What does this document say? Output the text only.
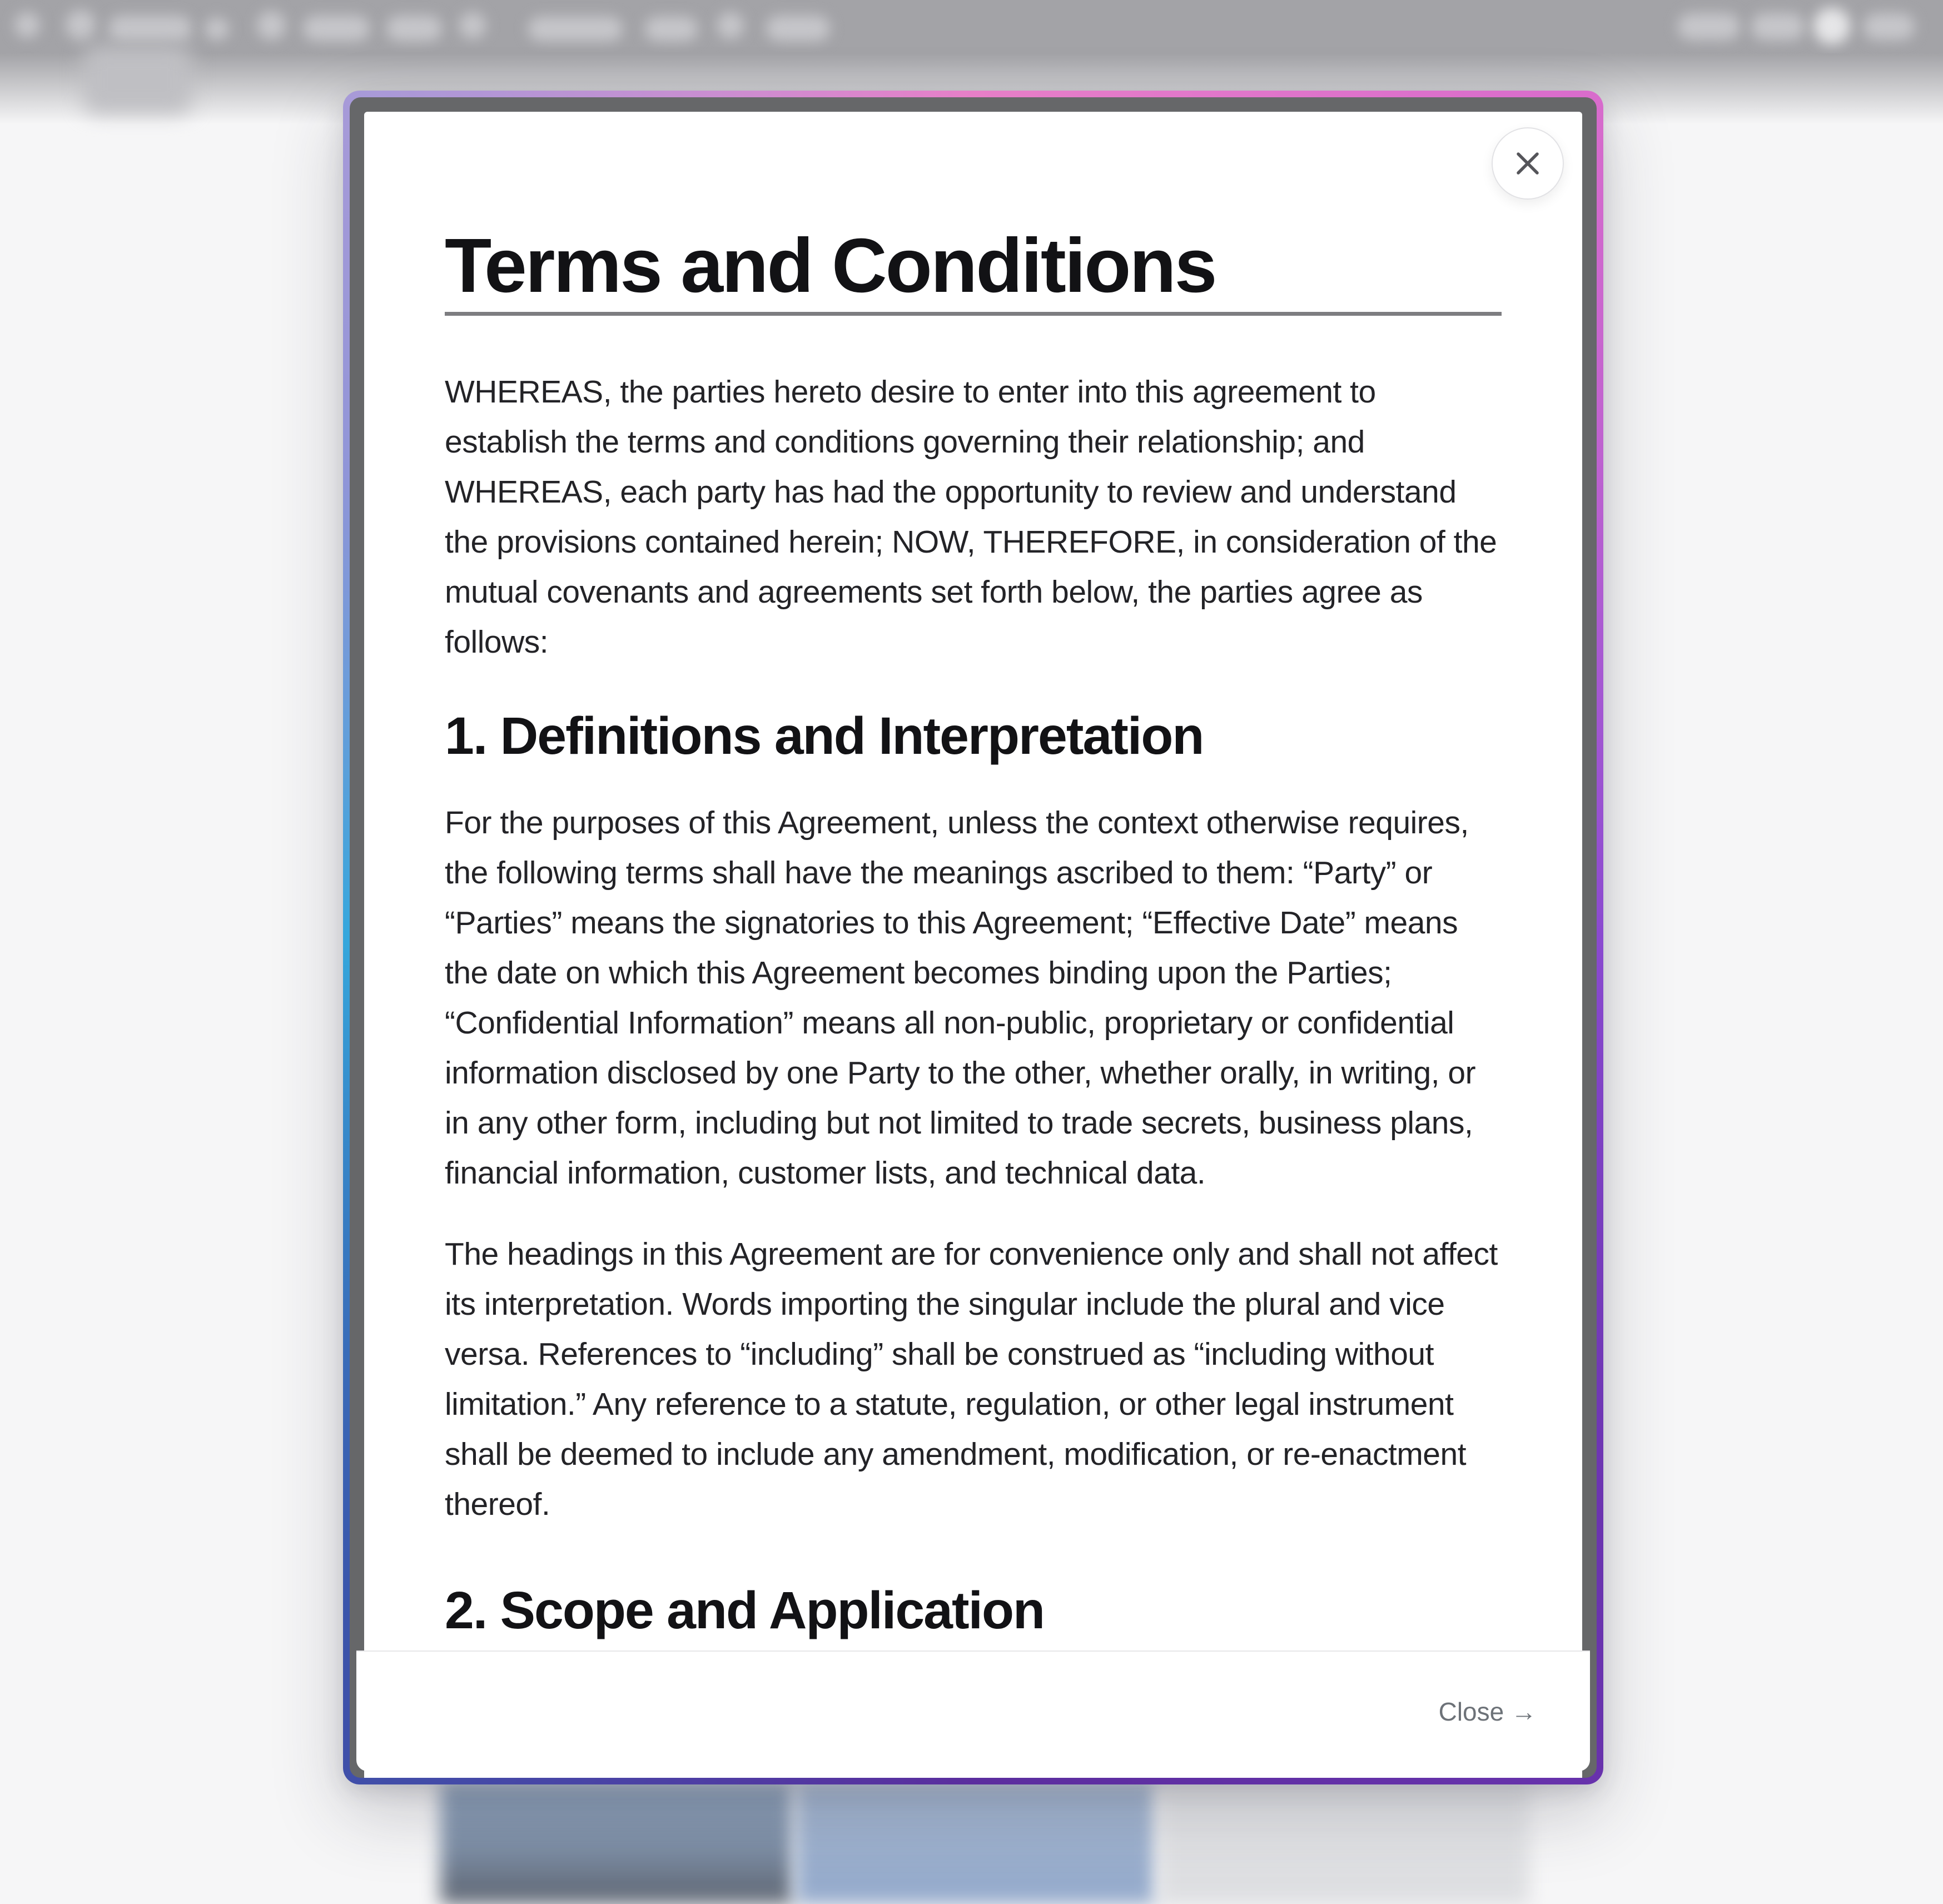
Terms and Conditions

WHEREAS, the parties hereto desire to enter into this agreement to establish the terms and conditions governing their relationship; and WHEREAS, each party has had the opportunity to review and understand the provisions contained herein; NOW, THEREFORE, in consideration of the mutual covenants and agreements set forth below, the parties agree as follows:

1. Definitions and Interpretation

For the purposes of this Agreement, unless the context otherwise requires, the following terms shall have the meanings ascribed to them: “Party” or “Parties” means the signatories to this Agreement; “Effective Date” means the date on which this Agreement becomes binding upon the Parties; “Confidential Information” means all non-public, proprietary or confidential information disclosed by one Party to the other, whether orally, in writing, or in any other form, including but not limited to trade secrets, business plans, financial information, customer lists, and technical data.

The headings in this Agreement are for convenience only and shall not affect its interpretation. Words importing the singular include the plural and vice versa. References to “including” shall be construed as “including without limitation.” Any reference to a statute, regulation, or other legal instrument shall be deemed to include any amendment, modification, or re-enactment thereof.

2. Scope and Application
Close →
